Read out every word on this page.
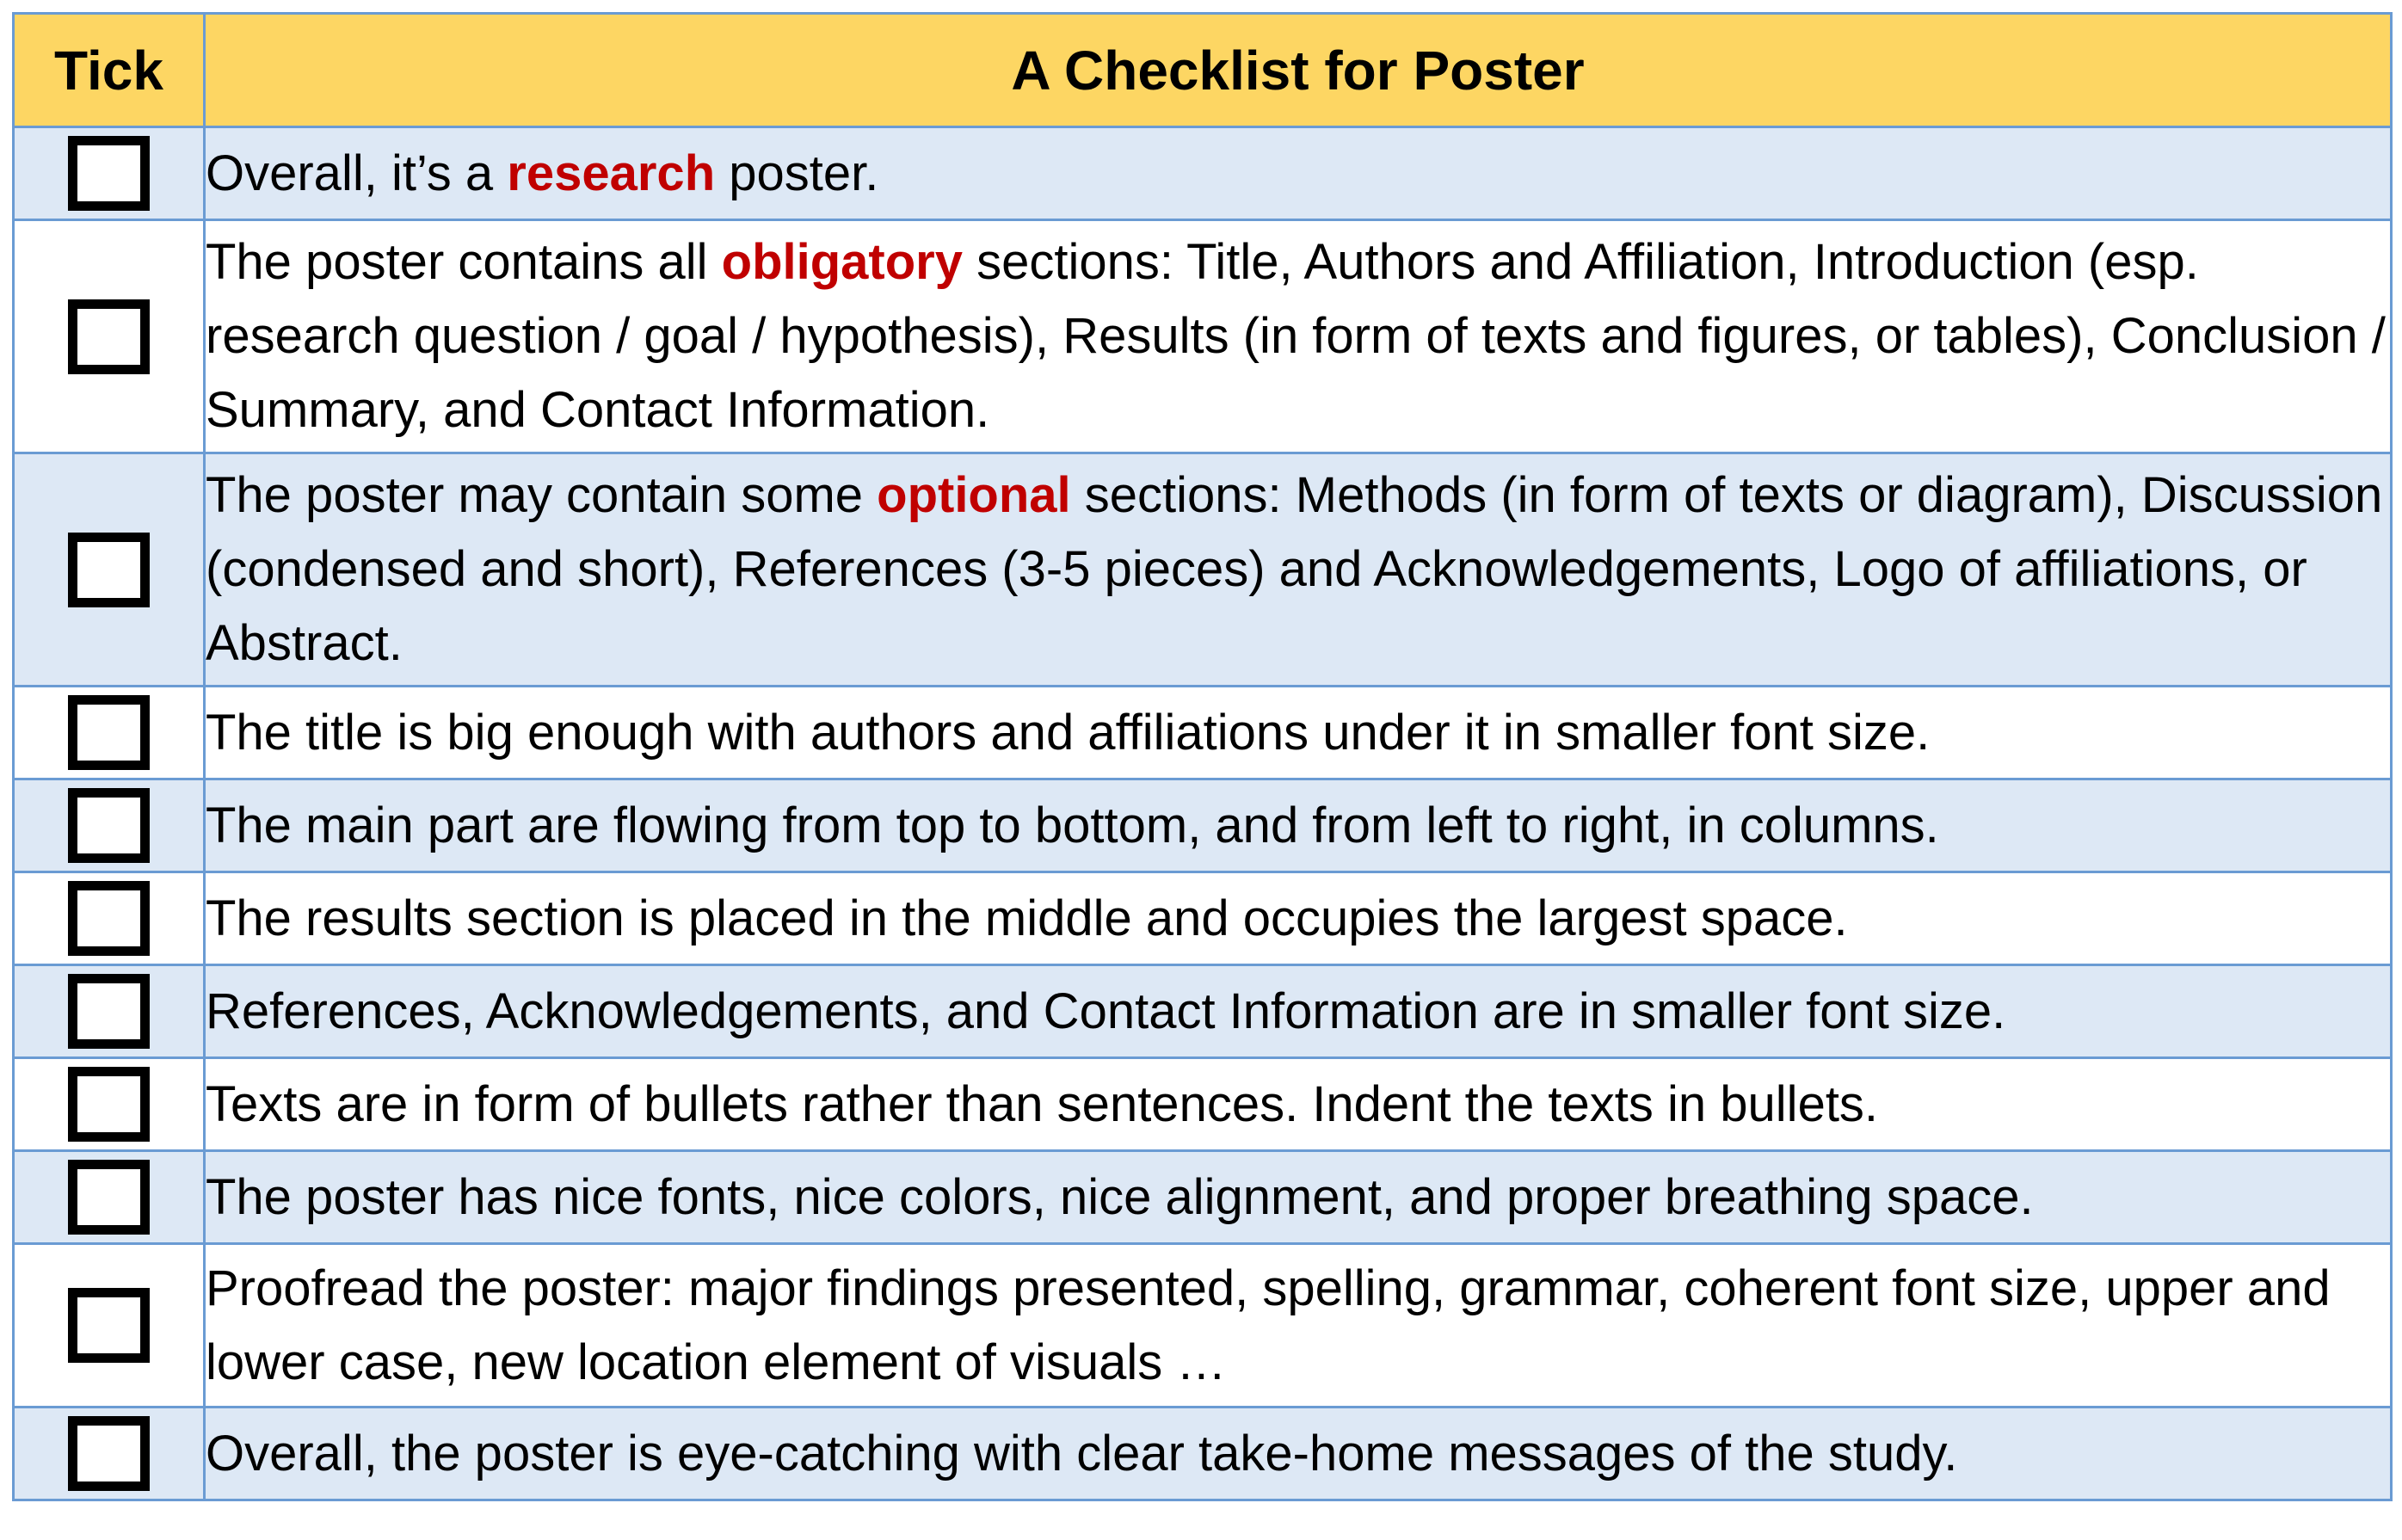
Tick	A Checklist for Poster
	Overall, it’s a research poster.
	The poster contains all obligatory sections: Title, Authors and Affiliation, Introduction (esp. research question / goal / hypothesis), Results (in form of texts and figures, or tables), Conclusion / Summary, and Contact Information.
	The poster may contain some optional sections: Methods (in form of texts or diagram), Discussion (condensed and short), References (3-5 pieces) and Acknowledgements, Logo of affiliations, or Abstract.
	The title is big enough with authors and affiliations under it in smaller font size.
	The main part are flowing from top to bottom, and from left to right, in columns.
	The results section is placed in the middle and occupies the largest space.
	References, Acknowledgements, and Contact Information are in smaller font size.
	Texts are in form of bullets rather than sentences. Indent the texts in bullets.
	The poster has nice fonts, nice colors, nice alignment, and proper breathing space.
	Proofread the poster: major findings presented, spelling, grammar, coherent font size, upper and lower case, new location element of visuals …
	Overall, the poster is eye-catching with clear take-home messages of the study.
